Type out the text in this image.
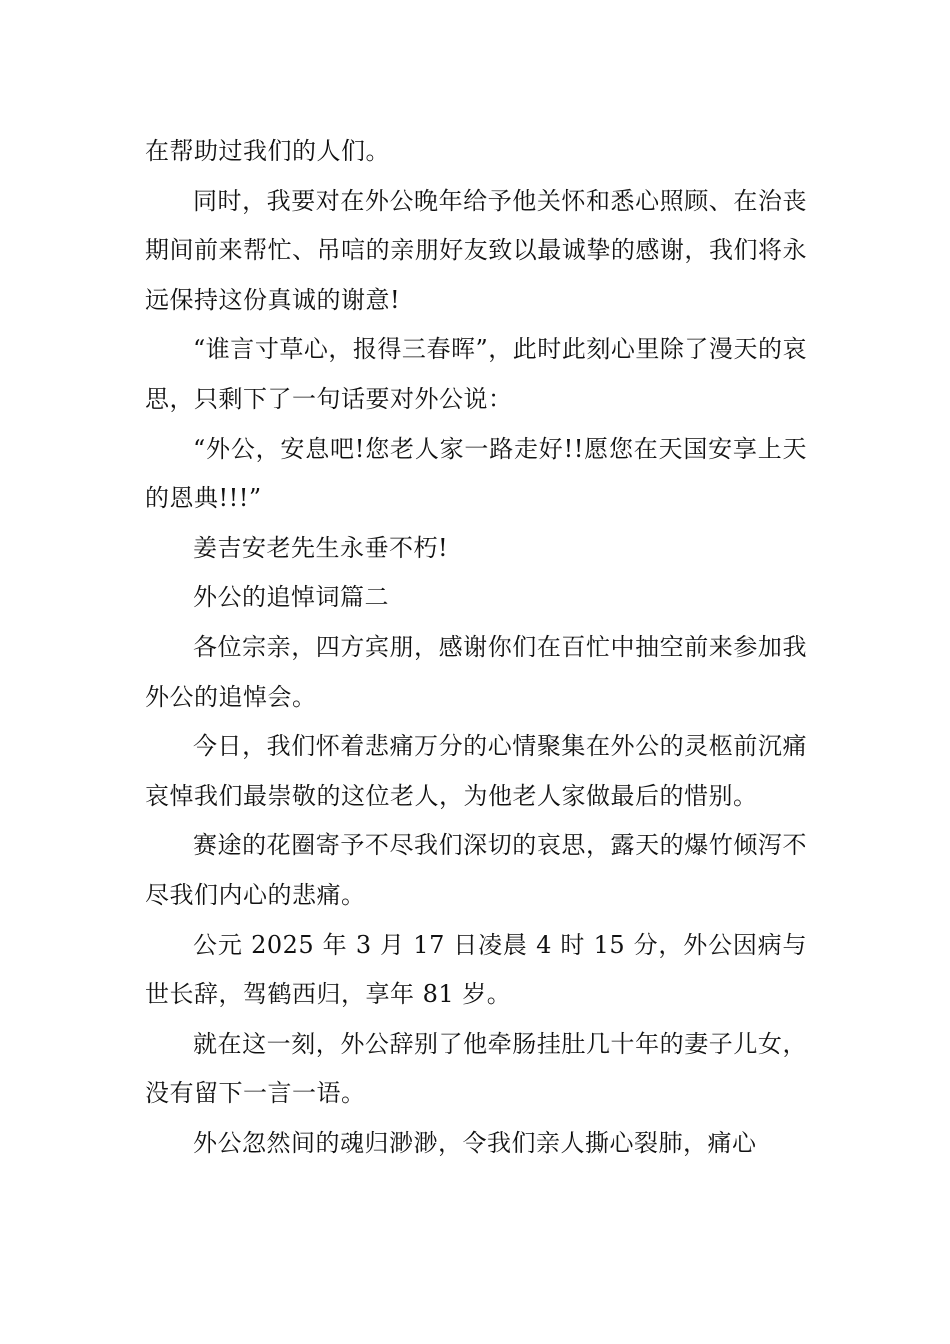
在帮助过我们的人们。

同时，我要对在外公晚年给予他关怀和悉心照顾、在治丧期间前来帮忙、吊唁的亲朋好友致以最诚挚的感谢，我们将永远保持这份真诚的谢意!

“谁言寸草心，报得三春晖”，此时此刻心里除了漫天的哀思，只剩下了一句话要对外公说：

“外公，安息吧!您老人家一路走好!!愿您在天国安享上天的恩典!!!”

姜吉安老先生永垂不朽!

外公的追悼词篇二

各位宗亲，四方宾朋，感谢你们在百忙中抽空前来参加我外公的追悼会。

今日，我们怀着悲痛万分的心情聚集在外公的灵柩前沉痛哀悼我们最崇敬的这位老人，为他老人家做最后的惜别。

赛途的花圈寄予不尽我们深切的哀思，露天的爆竹倾泻不尽我们内心的悲痛。

公元 2025 年 3 月 17 日凌晨 4 时 15 分，外公因病与世长辞，驾鹤西归，享年 81 岁。

就在这一刻，外公辞别了他牵肠挂肚几十年的妻子儿女，没有留下一言一语。

外公忽然间的魂归渺渺，令我们亲人撕心裂肺，痛心
